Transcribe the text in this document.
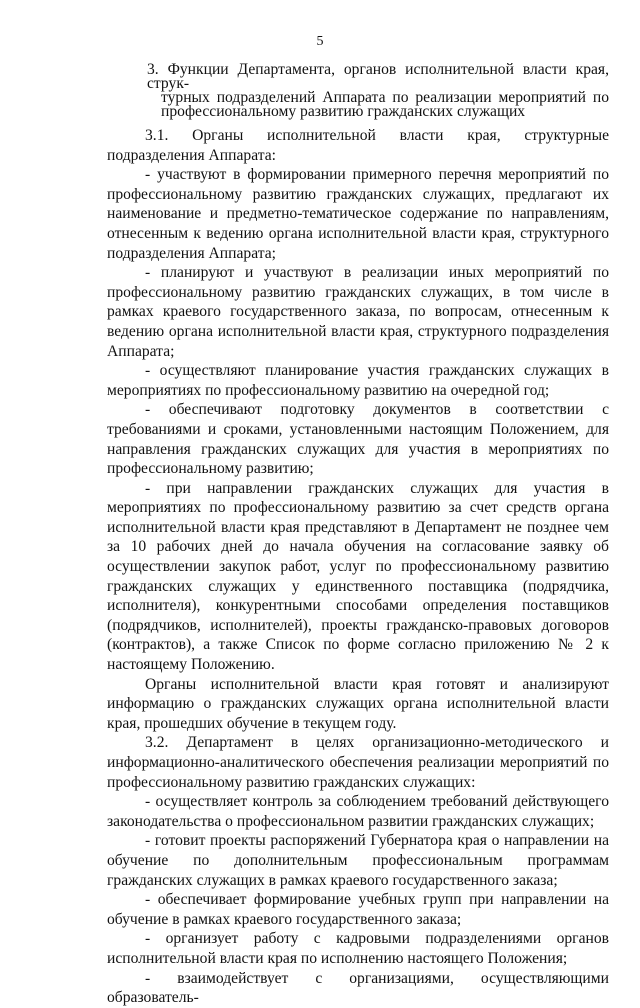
5
3. Функции Департамента, органов исполнительной власти края, струк-
турных подразделений Аппарата по реализации мероприятий по профессиональному развитию гражданских служащих

3.1. Органы исполнительной власти края, структурные подразделения Аппарата:

- участвуют в формировании примерного перечня мероприятий по профессиональному развитию гражданских служащих, предлагают их наименование и предметно-тематическое содержание по направлениям, отнесенным к ведению органа исполнительной власти края, структурного подразделения Аппарата;

- планируют и участвуют в реализации иных мероприятий по профессиональному развитию гражданских служащих, в том числе в рамках краевого государственного заказа, по вопросам, отнесенным к ведению органа исполнительной власти края, структурного подразделения Аппарата;

- осуществляют планирование участия гражданских служащих в мероприятиях по профессиональному развитию на очередной год;

- обеспечивают подготовку документов в соответствии с требованиями и сроками, установленными настоящим Положением, для направления гражданских служащих для участия в мероприятиях по профессиональному развитию;

- при направлении гражданских служащих для участия в мероприятиях по профессиональному развитию за счет средств органа исполнительной власти края представляют в Департамент не позднее чем за 10 рабочих дней до начала обучения на согласование заявку об осуществлении закупок работ, услуг по профессиональному развитию гражданских служащих у единственного поставщика (подрядчика, исполнителя), конкурентными способами определения поставщиков (подрядчиков, исполнителей), проекты гражданско-правовых договоров (контрактов), а также Список по форме согласно приложению № 2 к настоящему Положению.

Органы исполнительной власти края готовят и анализируют информацию о гражданских служащих органа исполнительной власти края, прошедших обучение в текущем году.

3.2. Департамент в целях организационно-методического и информационно-аналитического обеспечения реализации мероприятий по профессиональному развитию гражданских служащих:

- осуществляет контроль за соблюдением требований действующего законодательства о профессиональном развитии гражданских служащих;

- готовит проекты распоряжений Губернатора края о направлении на обучение по дополнительным профессиональным программам гражданских служащих в рамках краевого государственного заказа;

- обеспечивает формирование учебных групп при направлении на обучение в рамках краевого государственного заказа;

- организует работу с кадровыми подразделениями органов исполнительной власти края по исполнению настоящего Положения;

- взаимодействует с организациями, осуществляющими образователь-
